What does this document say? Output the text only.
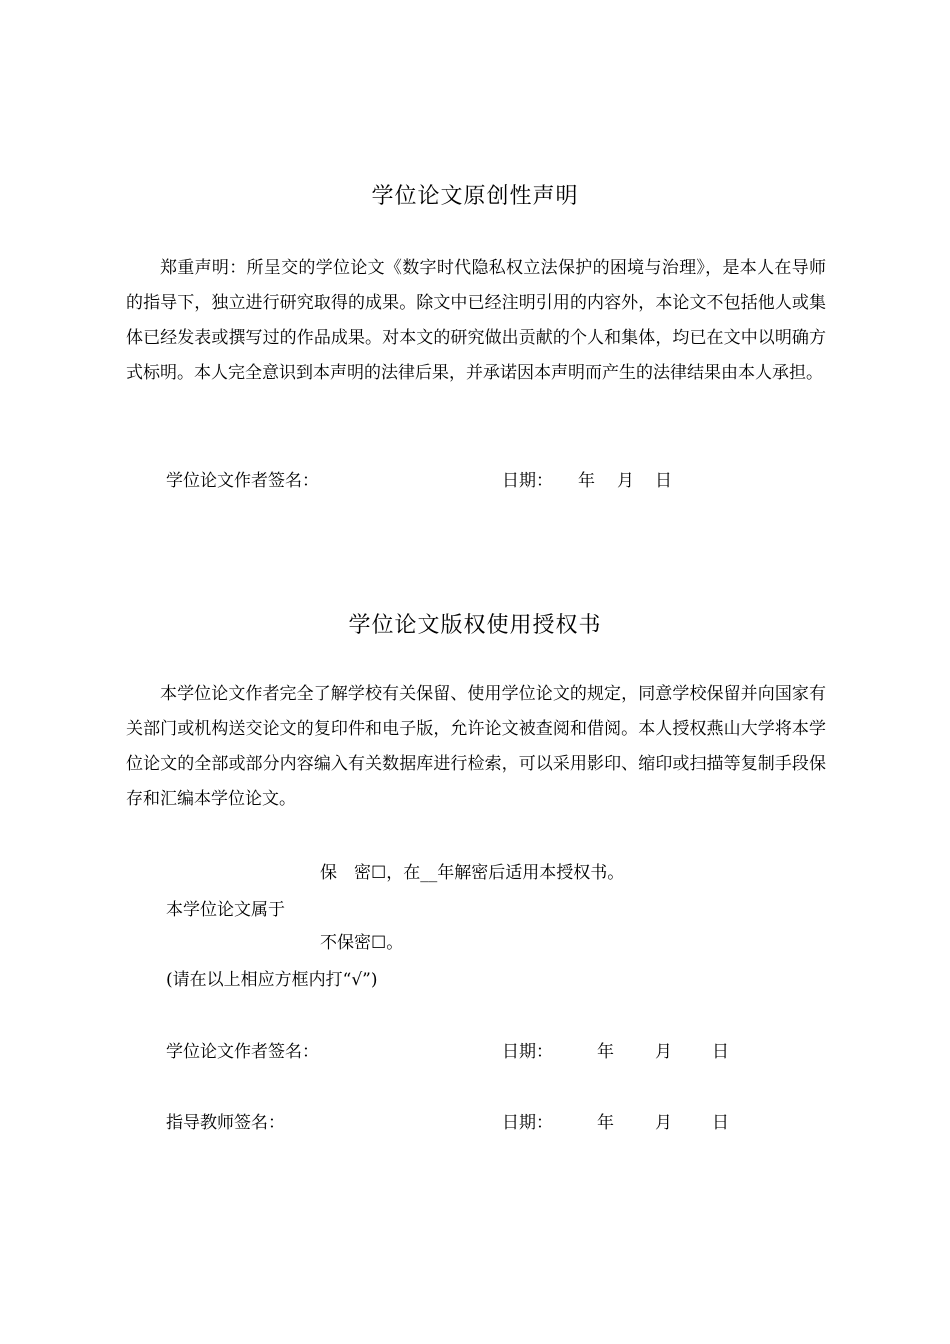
学位论文原创性声明
郑重声明：所呈交的学位论文《数字时代隐私权立法保护的困境与治理》，是本人在导师的指导下，独立进行研究取得的成果。除文中已经注明引用的内容外，本论文不包括他人或集体已经发表或撰写过的作品成果。对本文的研究做出贡献的个人和集体，均已在文中以明确方式标明。本人完全意识到本声明的法律后果，并承诺因本声明而产生的法律结果由本人承担。
学位论文作者签名：	日期： 年 月 日
学位论文版权使用授权书
本学位论文作者完全了解学校有关保留、使用学位论文的规定，同意学校保留并向国家有关部门或机构送交论文的复印件和电子版，允许论文被查阅和借阅。本人授权燕山大学将本学位论文的全部或部分内容编入有关数据库进行检索，可以采用影印、缩印或扫描等复制手段保存和汇编本学位论文。
保　密☐，在__年解密后适用本授权书。
本学位论文属于
不保密☐。
(请在以上相应方框内打“√”)
学位论文作者签名：	日期：	年 月 日
指导教师签名：	日期：	年 月 日
